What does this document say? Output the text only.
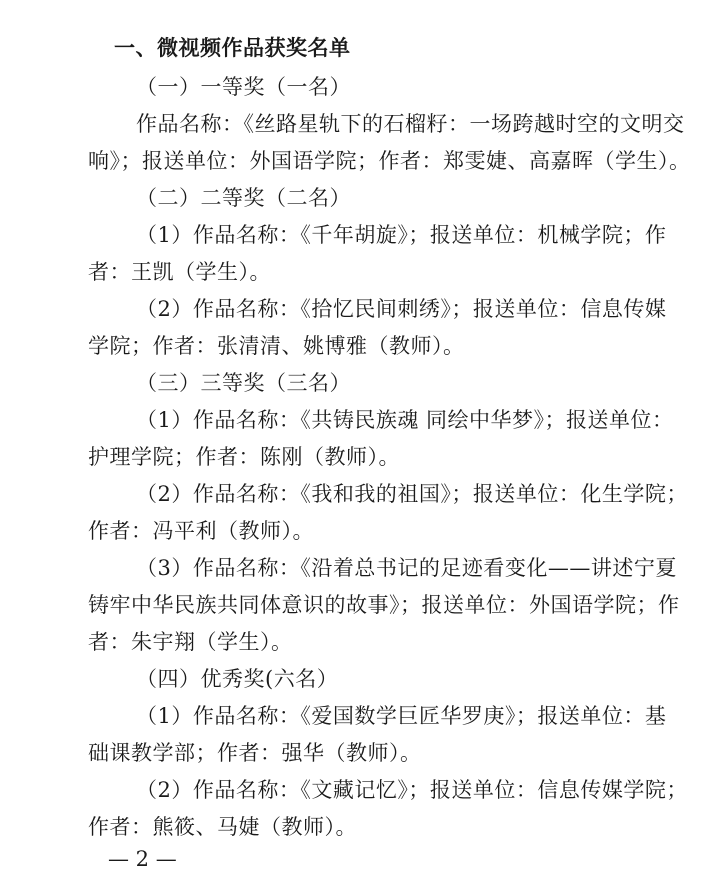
一、微视频作品获奖名单
（一）一等奖（一名）
作品名称：《丝路星轨下的石榴籽：一场跨越时空的文明交
响》；报送单位：外国语学院；作者：郑雯婕、高嘉晖（学生）。
（二）二等奖（二名）
（1）作品名称：《千年胡旋》；报送单位：机械学院；作
者：王凯（学生）。
（2）作品名称：《拾忆民间刺绣》；报送单位：信息传媒
学院；作者：张清清、姚博雅（教师）。
（三）三等奖（三名）
（1）作品名称：《共铸民族魂 同绘中华梦》；报送单位：
护理学院；作者：陈刚（教师）。
（2）作品名称：《我和我的祖国》；报送单位：化生学院；
作者：冯平利（教师）。
（3）作品名称：《沿着总书记的足迹看变化——讲述宁夏
铸牢中华民族共同体意识的故事》；报送单位：外国语学院；作
者：朱宇翔（学生）。
（四）优秀奖(六名）
（1）作品名称：《爱国数学巨匠华罗庚》；报送单位：基
础课教学部；作者：强华（教师）。
（2）作品名称：《文藏记忆》；报送单位：信息传媒学院；
作者：熊筱、马婕（教师）。
— 2 —
